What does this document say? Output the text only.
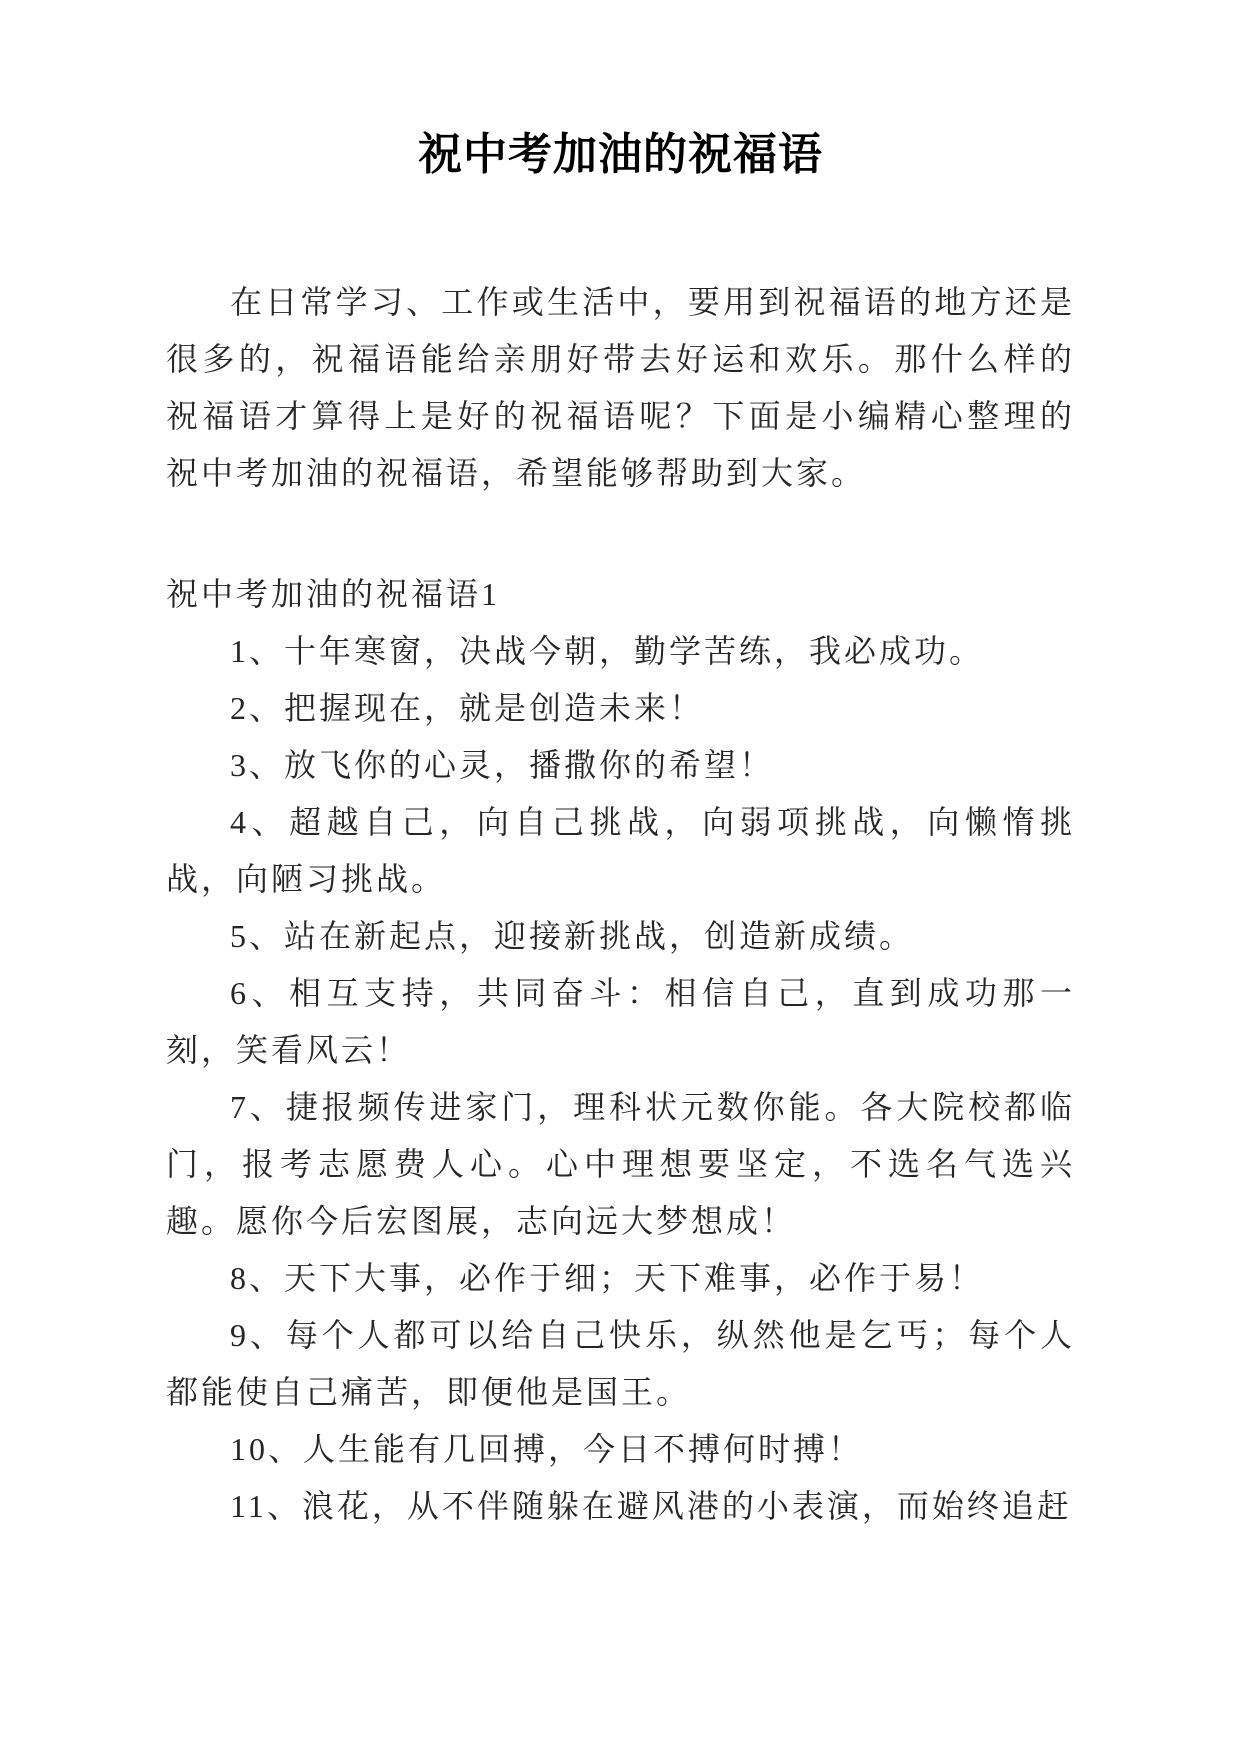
祝中考加油的祝福语

在日常学习、工作或生活中，要用到祝福语的地方还是很多的，祝福语能给亲朋好带去好运和欢乐。那什么样的祝福语才算得上是好的祝福语呢？下面是小编精心整理的祝中考加油的祝福语，希望能够帮助到大家。

祝中考加油的祝福语1

1、十年寒窗，决战今朝，勤学苦练，我必成功。

2、把握现在，就是创造未来！

3、放飞你的心灵，播撒你的希望！

4、超越自己，向自己挑战，向弱项挑战，向懒惰挑战，向陋习挑战。

5、站在新起点，迎接新挑战，创造新成绩。

6、相互支持，共同奋斗：相信自己，直到成功那一刻，笑看风云！

7、捷报频传进家门，理科状元数你能。各大院校都临门，报考志愿费人心。心中理想要坚定，不选名气选兴趣。愿你今后宏图展，志向远大梦想成！

8、天下大事，必作于细；天下难事，必作于易！

9、每个人都可以给自己快乐，纵然他是乞丐；每个人都能使自己痛苦，即便他是国王。

10、人生能有几回搏，今日不搏何时搏！

11、浪花，从不伴随躲在避风港的小表演，而始终追赶
